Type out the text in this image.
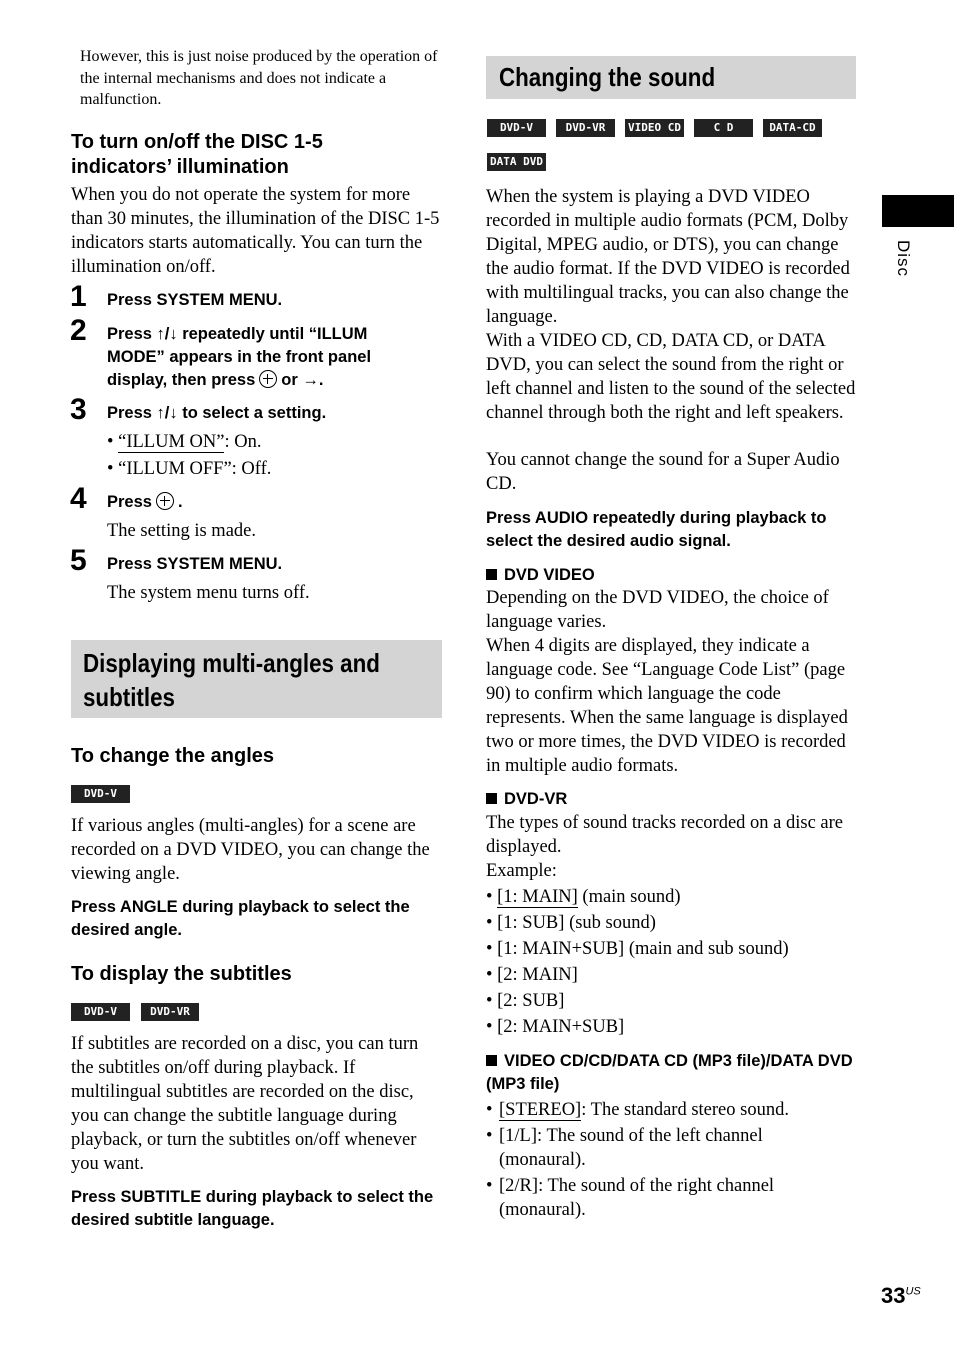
However, this is just noise produced by the operation of the internal mechanisms and does not indicate a malfunction.
To turn on/off the DISC 1-5 indicators’ illumination
When you do not operate the system for more than 30 minutes, the illumination of the DISC 1-5 indicators starts automatically. You can turn the illumination on/off.
1 Press SYSTEM MENU.
2 Press ↑/↓ repeatedly until “ILLUM MODE” appears in the front panel display, then press or →.
3 Press ↑/↓ to select a setting.

• “ILLUM ON”: On.

• “ILLUM OFF”: Off.

4 Press .
The setting is made.
5 Press SYSTEM MENU.
The system menu turns off.
Displaying multi-angles and subtitles
To change the angles
DVD-V
If various angles (multi-angles) for a scene are recorded on a DVD VIDEO, you can change the viewing angle.
Press ANGLE during playback to select the desired angle.
To display the subtitles
DVD-V	DVD-VR
If subtitles are recorded on a disc, you can turn the subtitles on/off during playback. If multilingual subtitles are recorded on the disc, you can change the subtitle language during playback, or turn the subtitles on/off whenever you want.
Press SUBTITLE during playback to select the desired subtitle language.
Changing the sound
DVD-V	DVD-VR	VIDEO CD	C D	DATA-CD
DATA DVD
When the system is playing a DVD VIDEO recorded in multiple audio formats (PCM, Dolby Digital, MPEG audio, or DTS), you can change the audio format. If the DVD VIDEO is recorded with multilingual tracks, you can also change the language.
With a VIDEO CD, CD, DATA CD, or DATA DVD, you can select the sound from the right or left channel and listen to the sound of the selected channel through both the right and left speakers.
You cannot change the sound for a Super Audio CD.
Press AUDIO repeatedly during playback to select the desired audio signal.
DVD VIDEO
Depending on the DVD VIDEO, the choice of language varies.
When 4 digits are displayed, they indicate a language code. See “Language Code List” (page 90) to confirm which language the code represents. When the same language is displayed two or more times, the DVD VIDEO is recorded in multiple audio formats.
DVD-VR
The types of sound tracks recorded on a disc are displayed.
Example:

• [1: MAIN] (main sound)

• [1: SUB] (sub sound)

• [1: MAIN+SUB] (main and sub sound)

• [2: MAIN]

• [2: SUB]

• [2: MAIN+SUB]

VIDEO CD/CD/DATA CD (MP3 file)/DATA DVD (MP3 file)
• [STEREO]: The standard stereo sound.
• [1/L]: The sound of the left channel (monaural).
• [2/R]: The sound of the right channel (monaural).
Disc
$33^{US}$
